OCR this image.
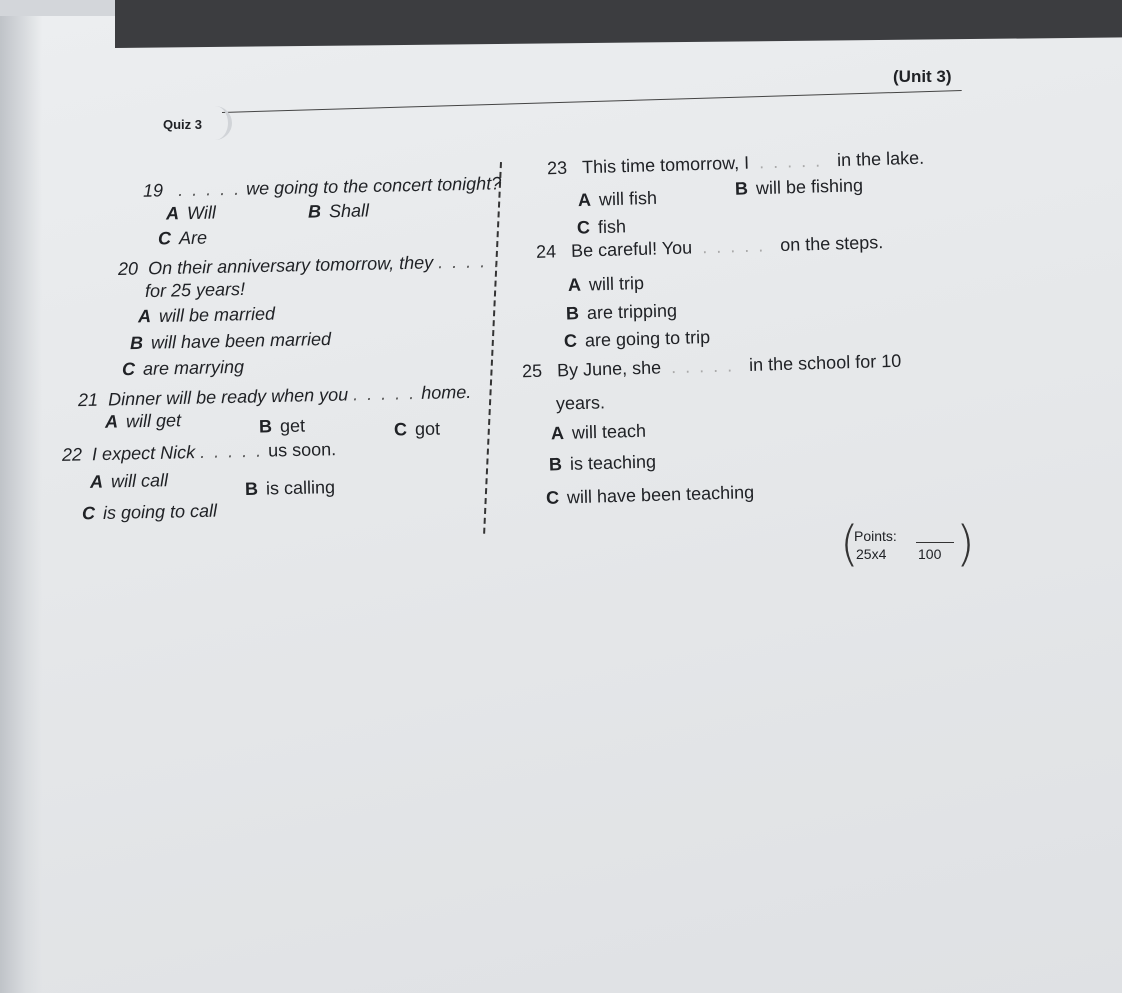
(Unit 3)
Quiz 3
19 . . . . . we going to the concert tonight?
A Will	B Shall
C Are
20 On their anniversary tomorrow, they . . . . .
for 25 years!
A will be married
B will have been married
C are marrying
21 Dinner will be ready when you . . . . . home.
A will get	B get	C got
22 I expect Nick . . . . . us soon.
A will call	B is calling
C is going to call
23 This time tomorrow, I . . . . . in the lake.
A will fish	B will be fishing
C fish
24 Be careful! You . . . . . on the steps.
A will trip
B are tripping
C are going to trip
25 By June, she . . . . . in the school for 10
years.
A will teach
B is teaching
C will have been teaching
(
Points:
25x4 100 )
